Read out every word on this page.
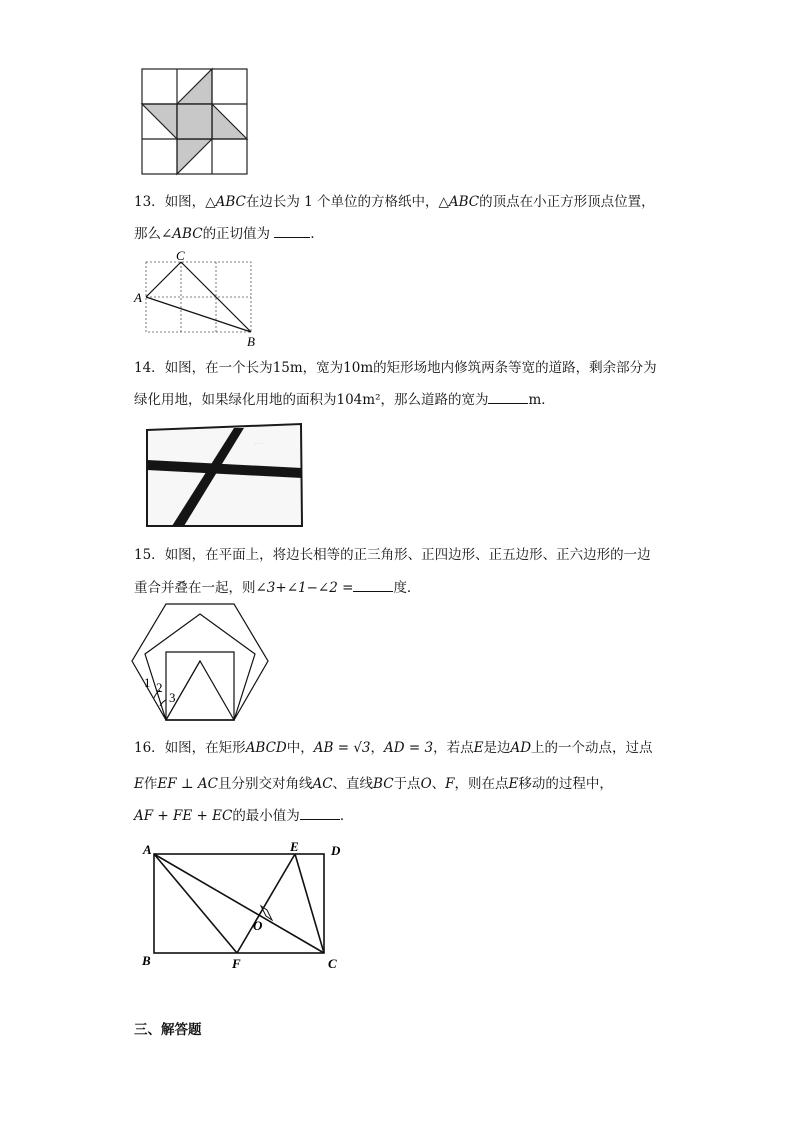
13．如图，△ABC在边长为 1 个单位的方格纸中，△ABC的顶点在小正方形顶点位置，
那么∠ABC的正切值为	．
C
A
B
14．如图，在一个长为15m，宽为10m的矩形场地内修筑两条等宽的道路，剩余部分为
绿化用地，如果绿化用地的面积为104m²，那么道路的宽为	m．
…
15．如图，在平面上，将边长相等的正三角形、正四边形、正五边形、正六边形的一边
重合并叠在一起，则∠3+∠1−∠2 =	度．
1 2
3
16．如图，在矩形ABCD中，AB = √3，AD = 3，若点E是边AD上的一个动点，过点
E作EF ⊥ AC且分别交对角线AC、直线BC于点O、F，则在点E移动的过程中，
AF + FE + EC的最小值为	．
…
A	E D
B	F	C
O
三、解答题
